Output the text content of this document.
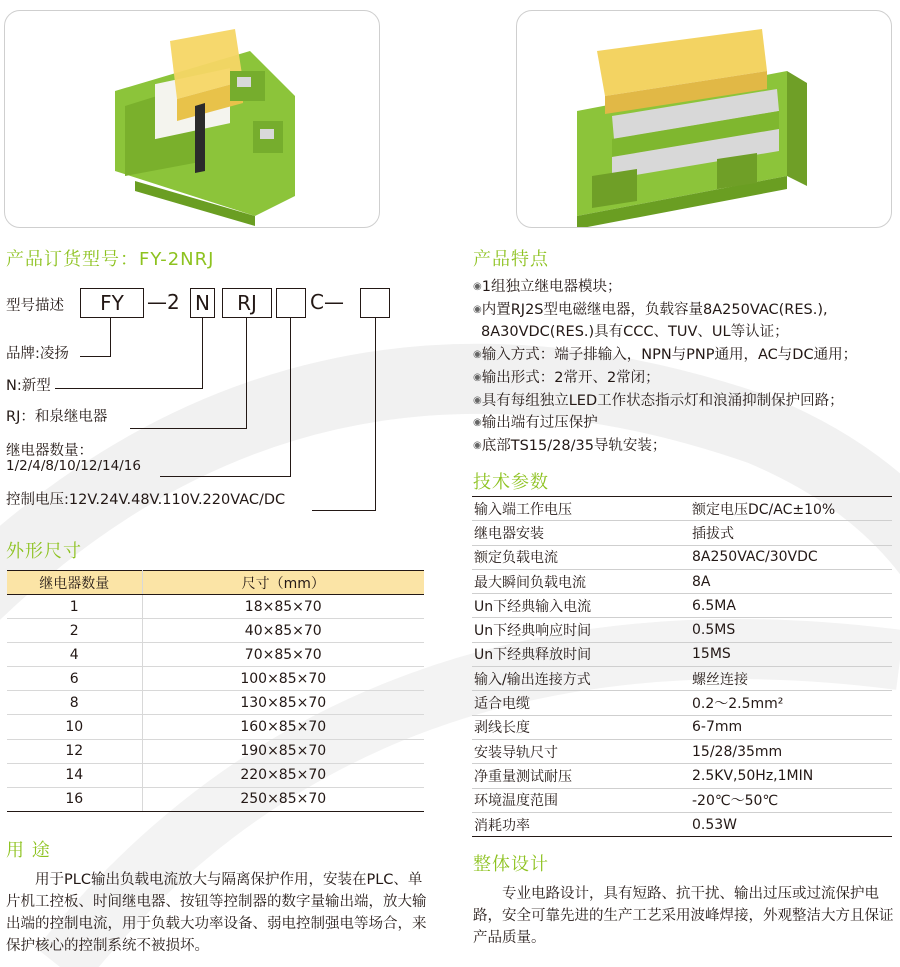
产品订货型号：FY-2NRJ
型号描述	FY	—2 N	RJ	C—
品牌:凌扬
N:新型
RJ：和泉继电器
继电器数量：
1/2/4/8/10/12/14/16
控制电压:12V.24V.48V.110V.220VAC/DC
外形尺寸
继电器数量	尺寸（mm）
1	18×85×70
2	40×85×70
4	70×85×70
6	100×85×70
8	130×85×70
10	160×85×70
12	190×85×70
14	220×85×70
16	250×85×70
用 途
用于PLC输出负载电流放大与隔离保护作用，安装在PLC、单片机工控板、时间继电器、按钮等控制器的数字量输出端，放大输出端的控制电流，用于负载大功率设备、弱电控制强电等场合，来保护核心的控制系统不被损坏。
产品特点
◉1组独立继电器模块；
◉内置RJ2S型电磁继电器，负载容量8A250VAC(RES.),
8A30VDC(RES.)具有CCC、TUV、UL等认证；
◉输入方式：端子排输入，NPN与PNP通用，AC与DC通用；
◉输出形式：2常开、2常闭；
◉具有每组独立LED工作状态指示灯和浪涌抑制保护回路；
◉输出端有过压保护
◉底部TS15/28/35导轨安装；
技术参数
输入端工作电压	额定电压DC/AC±10%
继电器安装	插拔式
额定负载电流	8A250VAC/30VDC
最大瞬间负载电流	8A
Un下经典输入电流	6.5MA
Un下经典响应时间	0.5MS
Un下经典释放时间	15MS
输入/输出连接方式	螺丝连接
适合电缆	0.2～2.5mm²
剥线长度	6-7mm
安装导轨尺寸	15/28/35mm
净重量测试耐压	2.5KV,50Hz,1MIN
环境温度范围	-20℃～50℃
消耗功率	0.53W
整体设计
专业电路设计，具有短路、抗干扰、输出过压或过流保护电路，安全可靠先进的生产工艺采用波峰焊接，外观整洁大方且保证产品质量。
